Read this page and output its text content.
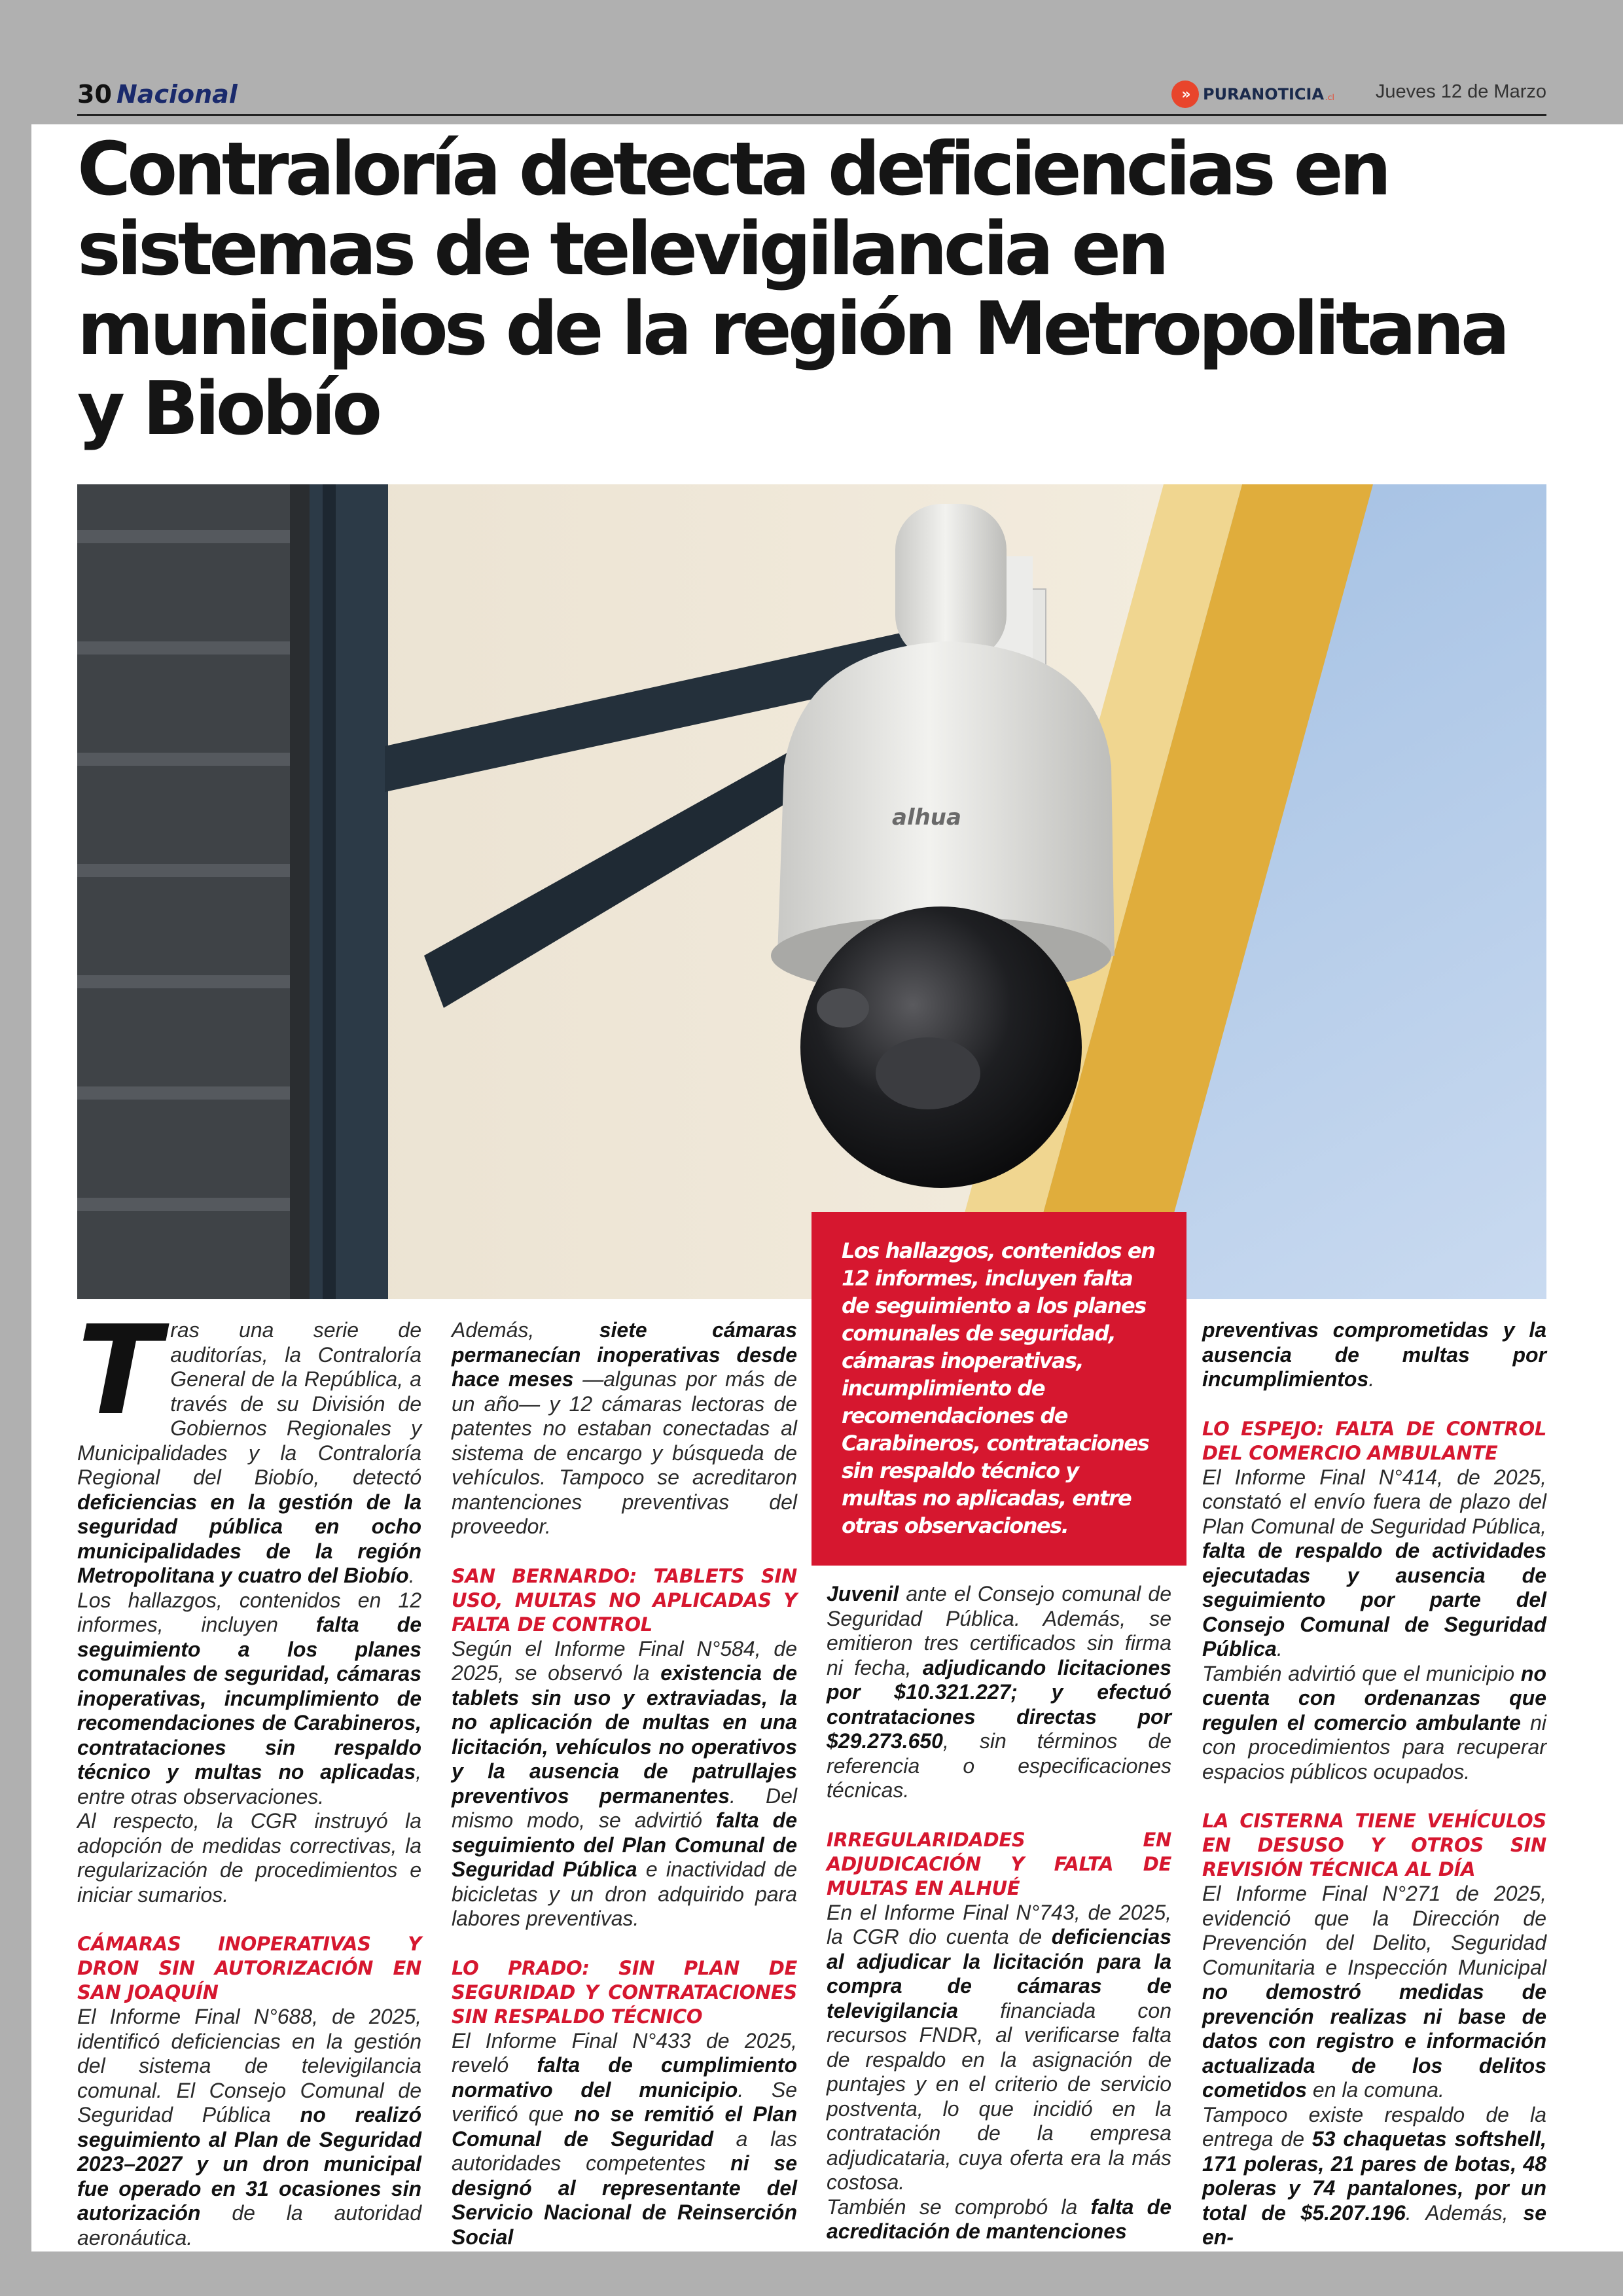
30 Nacional	» PURANOTICIA .cl Jueves 12 de Marzo
Contraloría detecta deficiencias en sistemas de televigilancia en municipios de la región Metropolitana y Biobío
alhua

Los hallazgos, contenidos en 12 informes, incluyen falta de seguimiento a los planes comunales de seguridad, cámaras inoperativas, incumplimiento de recomendaciones de Carabineros, contrataciones sin respaldo técnico y multas no aplicadas, entre otras observaciones.

T ras una serie de auditorías, la Contraloría General de la República, a través de su División de Gobiernos Regionales y Municipalidades y la Contraloría Regional del Biobío, detectó deficiencias en la gestión de la seguridad pública en ocho municipalidades de la región Metropolitana y cuatro del Biobío.

Los hallazgos, contenidos en 12 informes, incluyen falta de seguimiento a los planes comunales de seguridad, cámaras inoperativas, incumplimiento de recomendaciones de Carabineros, contrataciones sin respaldo técnico y multas no aplicadas, entre otras observaciones.

Al respecto, la CGR instruyó la adopción de medidas correctivas, la regularización de procedimientos e iniciar sumarios.

CÁMARAS INOPERATIVAS Y DRON SIN AUTORIZACIÓN EN SAN JOAQUÍN

El Informe Final N°688, de 2025, identificó deficiencias en la gestión del sistema de televigilancia comunal. El Consejo Comunal de Seguridad Pública no realizó seguimiento al Plan de Seguridad 2023–2027 y un dron municipal fue operado en 31 ocasiones sin autorización de la autoridad aeronáutica.

Además, siete cámaras permanecían inoperativas desde hace meses —algunas por más de un año— y 12 cámaras lectoras de patentes no estaban conectadas al sistema de encargo y búsqueda de vehículos. Tampoco se acreditaron mantenciones preventivas del proveedor.

SAN BERNARDO: TABLETS SIN USO, MULTAS NO APLICADAS Y FALTA DE CONTROL

Según el Informe Final N°584, de 2025, se observó la existencia de tablets sin uso y extraviadas, la no aplicación de multas en una licitación, vehículos no operativos y la ausencia de patrullajes preventivos permanentes. Del mismo modo, se advirtió falta de seguimiento del Plan Comunal de Seguridad Pública e inactividad de bicicletas y un dron adquirido para labores preventivas.

LO PRADO: SIN PLAN DE SEGURIDAD Y CONTRATACIONES SIN RESPALDO TÉCNICO

El Informe Final N°433 de 2025, reveló falta de cumplimiento normativo del municipio. Se verificó que no se remitió el Plan Comunal de Seguridad a las autoridades competentes ni se designó al representante del Servicio Nacional de Reinserción Social

Juvenil ante el Consejo comunal de Seguridad Pública. Además, se emitieron tres certificados sin firma ni fecha, adjudicando licitaciones por $10.321.227; y efectuó contrataciones directas por $29.273.650, sin términos de referencia o especificaciones técnicas.

IRREGULARIDADES EN ADJUDICACIÓN Y FALTA DE MULTAS EN ALHUÉ

En el Informe Final N°743, de 2025, la CGR dio cuenta de deficiencias al adjudicar la licitación para la compra de cámaras de televigilancia financiada con recursos FNDR, al verificarse falta de respaldo en la asignación de puntajes y en el criterio de servicio postventa, lo que incidió en la contratación de la empresa adjudicataria, cuya oferta era la más costosa.

También se comprobó la falta de acreditación de mantenciones

preventivas comprometidas y la ausencia de multas por incumplimientos.

LO ESPEJO: FALTA DE CONTROL DEL COMERCIO AMBULANTE

El Informe Final N°414, de 2025, constató el envío fuera de plazo del Plan Comunal de Seguridad Pública, falta de respaldo de actividades ejecutadas y ausencia de seguimiento por parte del Consejo Comunal de Seguridad Pública.

También advirtió que el municipio no cuenta con ordenanzas que regulen el comercio ambulante ni con procedimientos para recuperar espacios públicos ocupados.

LA CISTERNA TIENE VEHÍCULOS EN DESUSO Y OTROS SIN REVISIÓN TÉCNICA AL DÍA

El Informe Final N°271 de 2025, evidenció que la Dirección de Prevención del Delito, Seguridad Comunitaria e Inspección Municipal no demostró medidas de prevención realizas ni base de datos con registro e información actualizada de los delitos cometidos en la comuna.

Tampoco existe respaldo de la entrega de 53 chaquetas softshell, 171 poleras, 21 pares de botas, 48 poleras y 74 pantalones, por un total de $5.207.196. Además, se en-
